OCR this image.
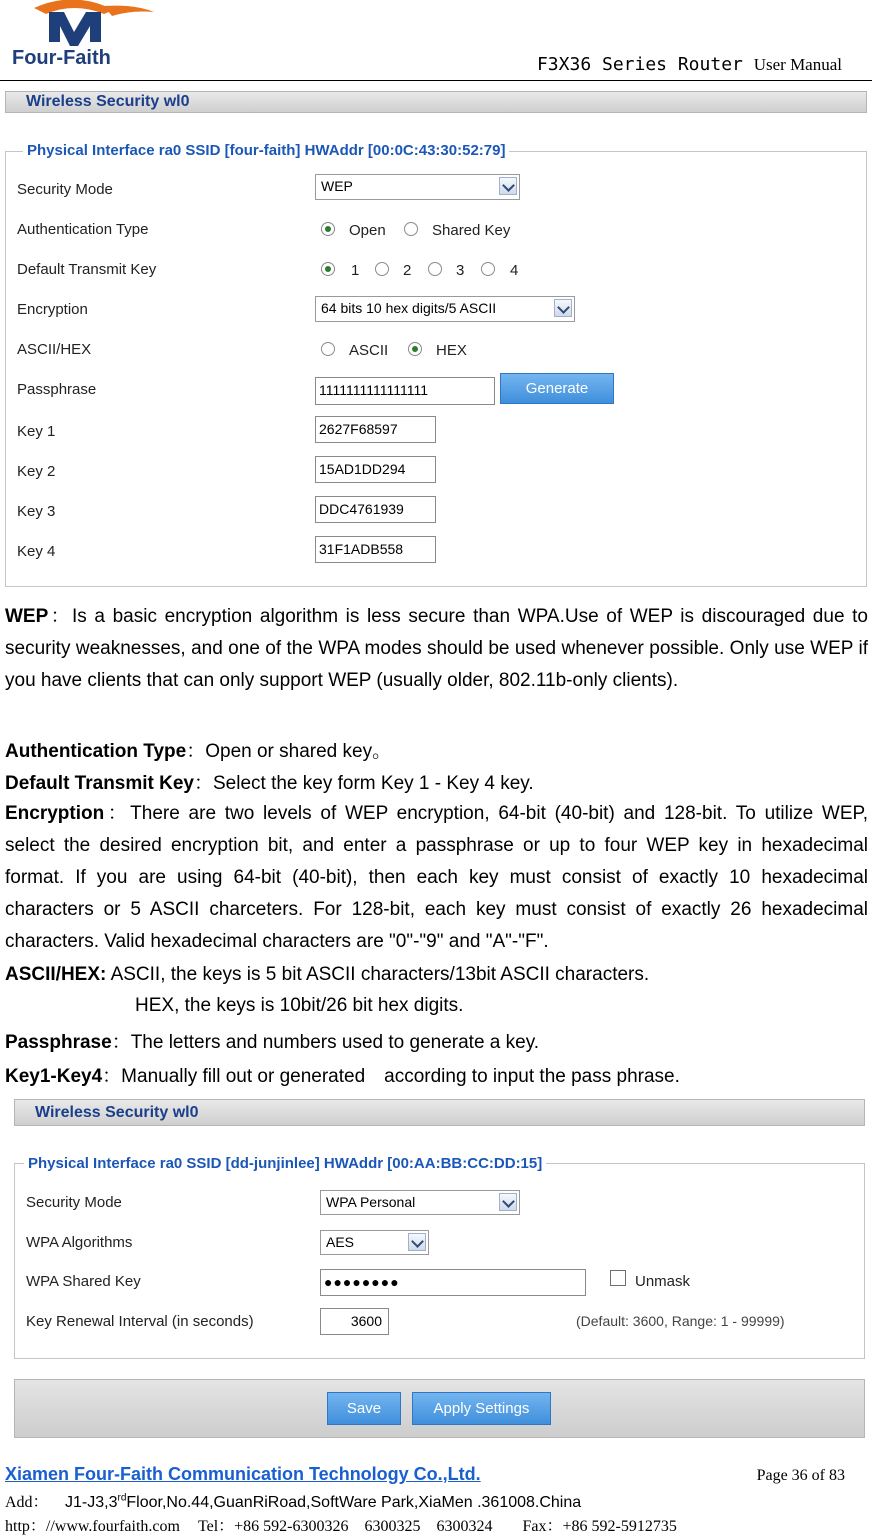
Four-Faith	F3X36 Series Router User Manual
Wireless Security wl0
Physical Interface ra0 SSID [four-faith] HWAddr [00:0C:43:30:52:79]
Security Mode	WEP
Authentication Type	Open	Shared Key
Default Transmit Key	1	2	3	4
Encryption	64 bits 10 hex digits/5 ASCII
ASCII/HEX	ASCII	HEX
Passphrase	1111111111111111	Generate
Key 1	2627F68597
Key 2	15AD1DD294
Key 3	DDC4761939
Key 4	31F1ADB558
WEP：Is a basic encryption algorithm is less secure than WPA.Use of WEP is discouraged due to security weaknesses, and one of the WPA modes should be used whenever possible. Only use WEP if you have clients that can only support WEP (usually older, 802.11b-only clients).
Authentication Type：Open or shared key。
Default Transmit Key：Select the key form Key 1 - Key 4 key.
Encryption：There are two levels of WEP encryption, 64-bit (40-bit) and 128-bit. To utilize WEP, select the desired encryption bit, and enter a passphrase or up to four WEP key in hexadecimal format. If you are using 64-bit (40-bit), then each key must consist of exactly 10 hexadecimal characters or 5 ASCII charceters. For 128-bit, each key must consist of exactly 26 hexadecimal characters. Valid hexadecimal characters are "0"-"9" and "A"-"F".
ASCII/HEX: ASCII, the keys is 5 bit ASCII characters/13bit ASCII characters.
HEX, the keys is 10bit/26 bit hex digits.
Passphrase：The letters and numbers used to generate a key.
Key1-Key4：Manually fill out or generated　according to input the pass phrase.
Wireless Security wl0
Physical Interface ra0 SSID [dd-junjinlee] HWAddr [00:AA:BB:CC:DD:15]
Security Mode	WPA Personal
WPA Algorithms	AES
WPA Shared Key	●●●●●●●●	Unmask
Key Renewal Interval (in seconds)	3600	(Default: 3600, Range: 1 - 99999)
Save	Apply Settings
Xiamen Four-Faith Communication Technology Co.,Ltd.	Page 36 of 83
Add： J1-J3,3rdFloor,No.44,GuanRiRoad,SoftWare Park,XiaMen .361008.China
http：//www.fourfaith.com Tel：+86 592-6300326　6300325　6300324 Fax：+86 592-5912735
